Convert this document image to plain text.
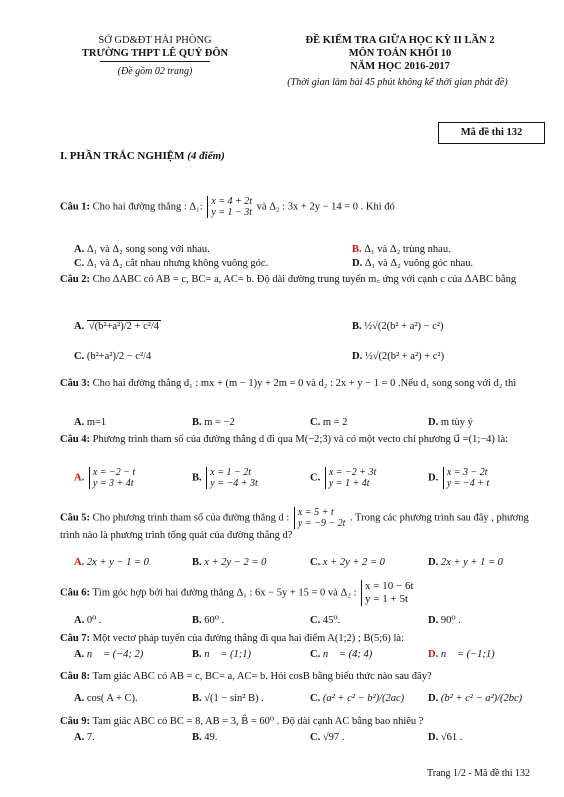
SỞ GD&ĐT HẢI PHÒNG
TRƯỜNG THPT LÊ QUÝ ĐÔN
(Đề gồm 02 trang)
ĐỀ KIỂM TRA GIỮA HỌC KỲ II LẦN 2
MÔN TOÁN KHỐI 10
NĂM HỌC 2016-2017
(Thời gian làm bài 45 phút không kể thời gian phát đề)
Mã đề thi 132
I. PHẦN TRẮC NGHIỆM (4 điểm)
Câu 1: Cho hai đường thẳng : Δ₁: x = 4 + 2t
y = 1 − 3t và Δ₂ : 3x + 2y − 14 = 0 . Khi đó
A. Δ₁ và Δ₂ song song với nhau.	B. Δ₁ và Δ₂ trùng nhau.
C. Δ₁ và Δ₂ cắt nhau nhưng không vuông góc.	D. Δ₁ và Δ₂ vuông góc nhau.
Câu 2: Cho ΔABC có AB = c, BC= a, AC= b. Độ dài đường trung tuyến m꜀ ứng với cạnh c của ΔABC bằng
A. √(b²+a²)/2 + c²/4	B. ½√(2(b² + a²) − c²)
C. (b²+a²)/2 − c²/4	D. ½√(2(b² + a²) + c²)
Câu 3: Cho hai đường thẳng d₁ : mx + (m − 1)y + 2m = 0 và d₂ : 2x + y − 1 = 0 .Nếu d₁ song song với d₂ thì
A. m=1	B. m = −2	C. m = 2	D. m tùy ý
Câu 4: Phương trình tham số của đường thẳng d đi qua M(−2;3) và có một vecto chỉ phương u⃗ =(1;−4) là:
A. x = −2 − t
y = 3 + 4t
B. x = 1 − 2t
y = −4 + 3t
C. x = −2 + 3t
y = 1 + 4t
D. x = 3 − 2t
y = −4 + t
Câu 5: Cho phương trình tham số của đường thẳng d : x = 5 + t
y = −9 − 2t . Trong các phương trình sau đây , phương trình nào là phương trình tổng quát của đường thẳng d?
A. 2x + y − 1 = 0	B. x + 2y − 2 = 0	C. x + 2y + 2 = 0	D. 2x + y + 1 = 0
Câu 6: Tìm góc hợp bởi hai đường thẳng Δ₁ : 6x − 5y + 15 = 0 và Δ₂ : x = 10 − 6t
y = 1 + 5t
A. 0⁰ .	B. 60⁰ .	C. 45⁰.	D. 90⁰ .
Câu 7: Một vectơ pháp tuyến của đường thẳng đi qua hai điểm A(1;2) ; B(5;6) là:
A. n⃗ = (−4; 2)	B. n⃗ = (1;1)	C. n⃗ = (4; 4)	D. n⃗ = (−1;1)
Câu 8: Tam giác ABC có AB = c, BC= a, AC= b. Hỏi cosB bằng biểu thức nào sau đây?
A. cos( A + C).	B. √(1 − sin² B) .	C. (a² + c² − b²)/(2ac) D. (b² + c² − a²)/(2bc)
Câu 9: Tam giác ABC có BC = 8, AB = 3, B̂ = 60⁰ . Độ dài cạnh AC bằng bao nhiêu ?
A. 7.	B. 49.	C. √97 .	D. √61 .
Trang 1/2 - Mã đề thi 132
